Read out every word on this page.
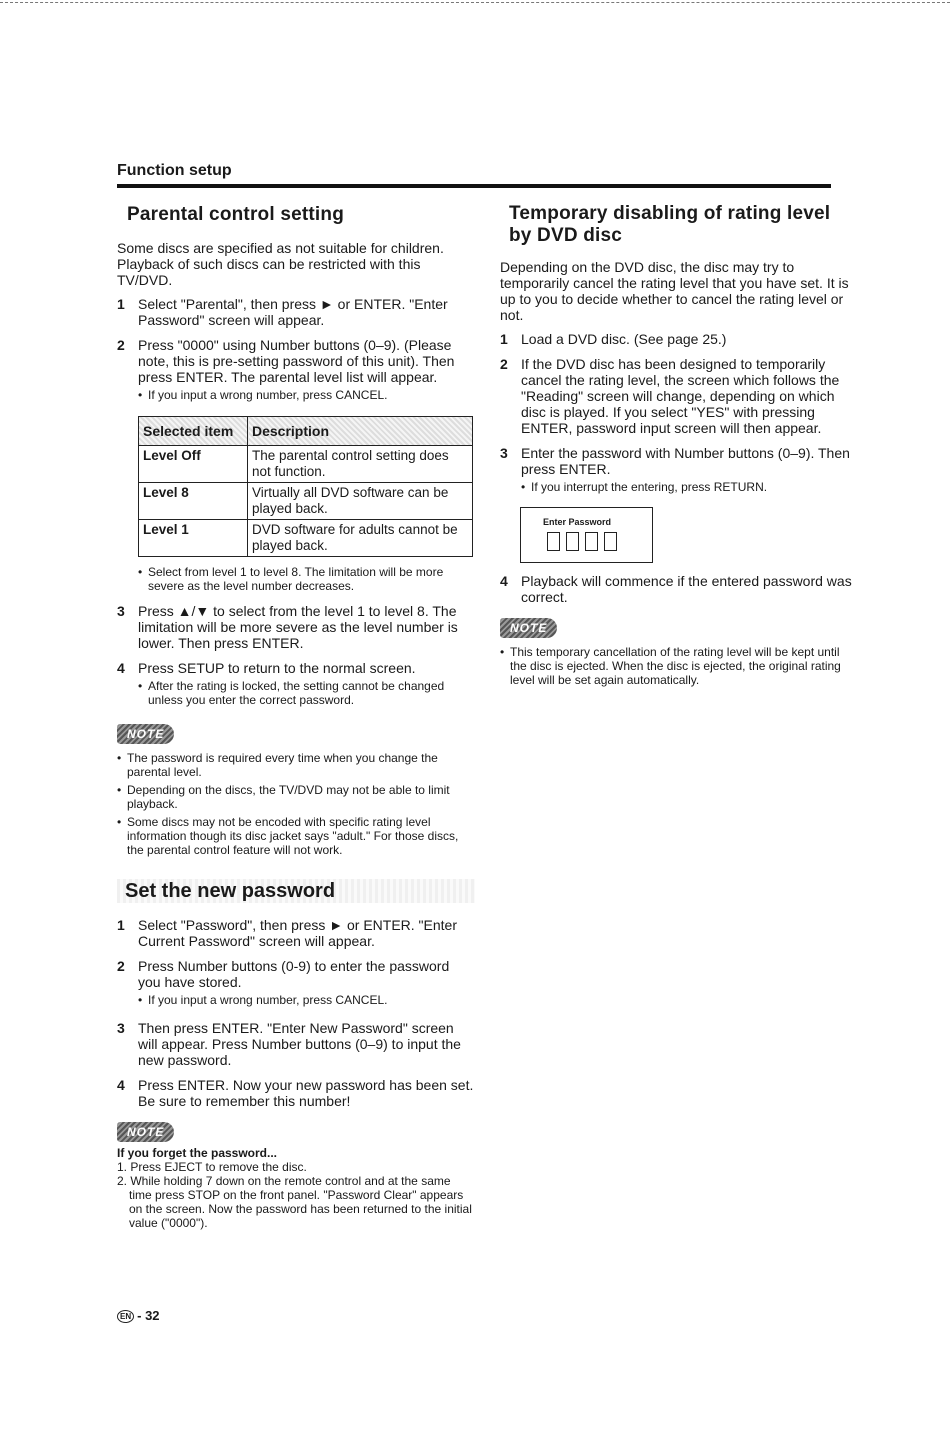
Function setup
Parental control setting

Some discs are specified as not suitable for children. Playback of such discs can be restricted with this TV/DVD.

1 Select "Parental", then press ► or ENTER. "Enter Password" screen will appear.
2 Press "0000" using Number buttons (0–9). (Please note, this is pre-setting password of this unit). Then press ENTER. The parental level list will appear.
• If you input a wrong number, press CANCEL.
Selected item	Description
Level Off	The parental control setting does not function.
Level 8	Virtually all DVD software can be played back.
Level 1	DVD software for adults cannot be played back.
• Select from level 1 to level 8. The limitation will be more severe as the level number decreases.
3 Press ▲/▼ to select from the level 1 to level 8. The limitation will be more severe as the level number is lower. Then press ENTER.
4 Press SETUP to return to the normal screen.
• After the rating is locked, the setting cannot be changed unless you enter the correct password.
NOTE
• The password is required every time when you change the parental level.
• Depending on the discs, the TV/DVD may not be able to limit playback.
• Some discs may not be encoded with specific rating level information though its disc jacket says "adult." For those discs, the parental control feature will not work.
Set the new password
1 Select "Password", then press ► or ENTER. "Enter Current Password" screen will appear.
2 Press Number buttons (0-9) to enter the password you have stored.
• If you input a wrong number, press CANCEL.
3 Then press ENTER. "Enter New Password" screen will appear. Press Number buttons (0–9) to input the new password.
4 Press ENTER. Now your new password has been set. Be sure to remember this number!
NOTE
If you forget the password...
1. Press EJECT to remove the disc.
2. While holding 7 down on the remote control and at the same time press STOP on the front panel. "Password Clear" appears on the screen. Now the password has been returned to the initial value ("0000").
Temporary disabling of rating level by DVD disc

Depending on the DVD disc, the disc may try to temporarily cancel the rating level that you have set. It is up to you to decide whether to cancel the rating level or not.

1 Load a DVD disc. (See page 25.)
2 If the DVD disc has been designed to temporarily cancel the rating level, the screen which follows the "Reading" screen will change, depending on which disc is played. If you select "YES" with pressing ENTER, password input screen will then appear.
3 Enter the password with Number buttons (0–9). Then press ENTER.
• If you interrupt the entering, press RETURN.
Enter Password
4 Playback will commence if the entered password was correct.
NOTE
• This temporary cancellation of the rating level will be kept until the disc is ejected. When the disc is ejected, the original rating level will be set again automatically.
EN - 32
